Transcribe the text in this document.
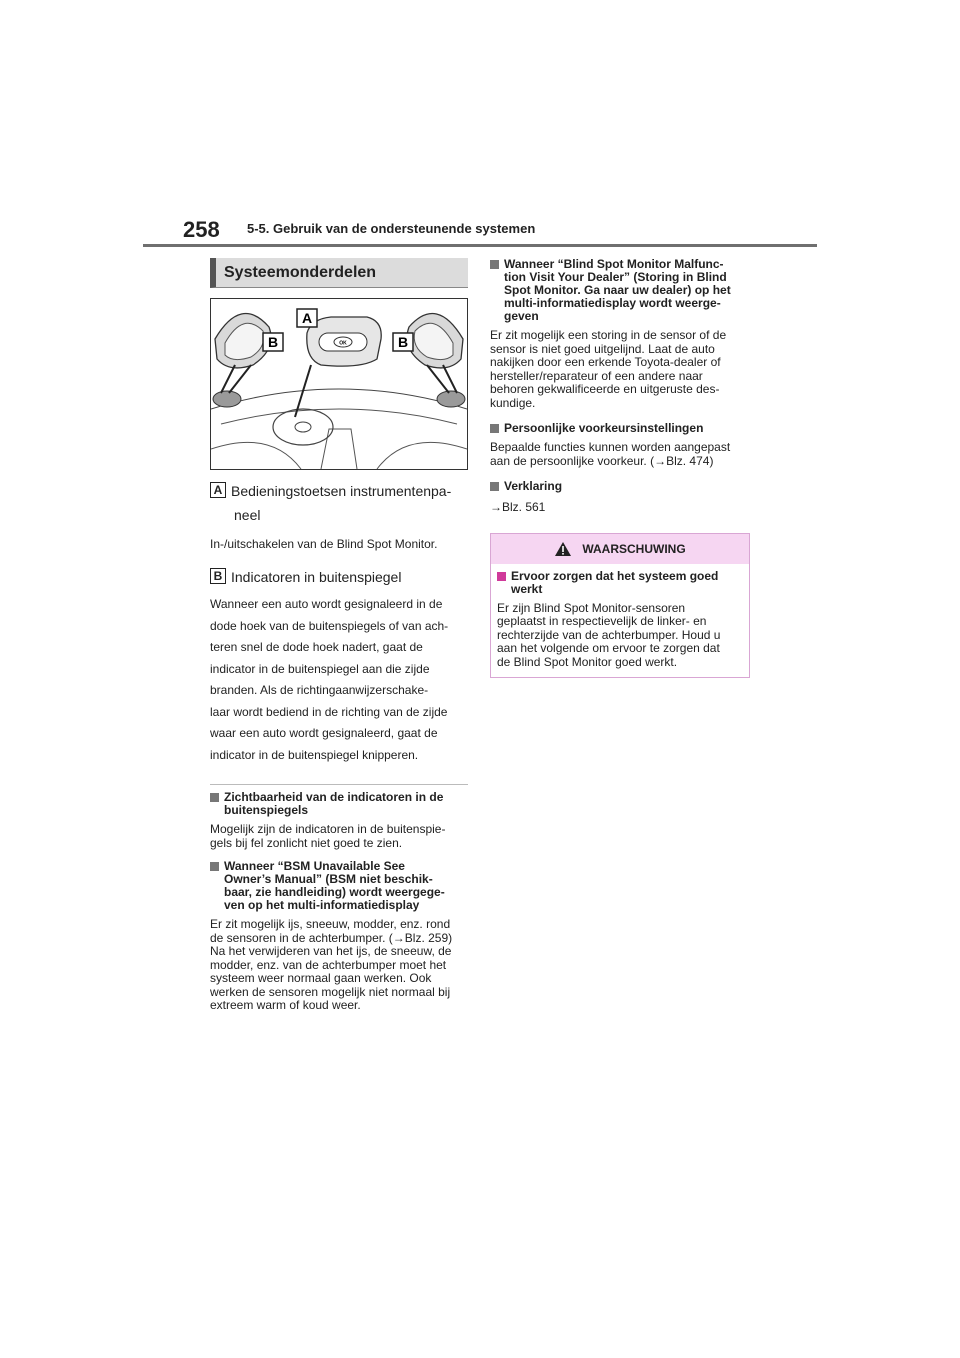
258 5-5. Gebruik van de ondersteunende systemen
Systeemonderdelen
OK
A
B	B
A Bedieningstoetsen instrumentenpa-
neel
In-/uitschakelen van de Blind Spot Monitor.
B Indicatoren in buitenspiegel
Wanneer een auto wordt gesignaleerd in de
dode hoek van de buitenspiegels of van ach-
teren snel de dode hoek nadert, gaat de
indicator in de buitenspiegel aan die zijde
branden. Als de richtingaanwijzerschake-
laar wordt bediend in de richting van de zijde
waar een auto wordt gesignaleerd, gaat de
indicator in de buitenspiegel knipperen.
Zichtbaarheid van de indicatoren in de
buitenspiegels
Mogelijk zijn de indicatoren in de buitenspie-
gels bij fel zonlicht niet goed te zien.
Wanneer “BSM Unavailable See
Owner’s Manual” (BSM niet beschik-
baar, zie handleiding) wordt weergege-
ven op het multi-informatiedisplay
Er zit mogelijk ijs, sneeuw, modder, enz. rond
de sensoren in de achterbumper. (→Blz. 259)
Na het verwijderen van het ijs, de sneeuw, de
modder, enz. van de achterbumper moet het
systeem weer normaal gaan werken. Ook
werken de sensoren mogelijk niet normaal bij
extreem warm of koud weer.
Wanneer “Blind Spot Monitor Malfunc-
tion Visit Your Dealer” (Storing in Blind
Spot Monitor. Ga naar uw dealer) op het
multi-informatiedisplay wordt weerge-
geven
Er zit mogelijk een storing in de sensor of de
sensor is niet goed uitgelijnd. Laat de auto
nakijken door een erkende Toyota-dealer of
hersteller/reparateur of een andere naar
behoren gekwalificeerde en uitgeruste des-
kundige.
Persoonlijke voorkeursinstellingen
Bepaalde functies kunnen worden aangepast
aan de persoonlijke voorkeur. (→Blz. 474)
Verklaring
→Blz. 561
WAARSCHUWING
Ervoor zorgen dat het systeem goed
werkt
Er zijn Blind Spot Monitor-sensoren
geplaatst in respectievelijk de linker- en
rechterzijde van de achterbumper. Houd u
aan het volgende om ervoor te zorgen dat
de Blind Spot Monitor goed werkt.
